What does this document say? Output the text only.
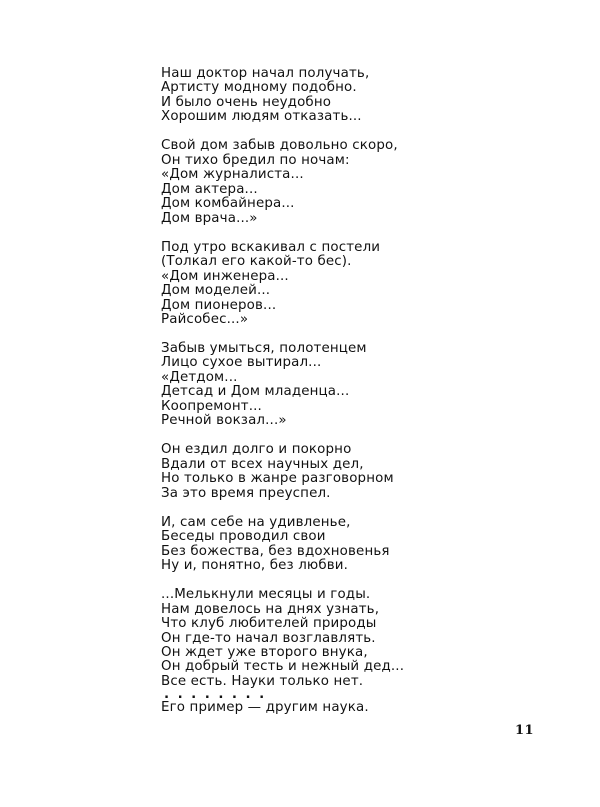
Наш доктор начал получать,
Артисту модному подобно.
И было очень неудобно
Хорошим людям отказать...
Свой дом забыв довольно скоро,
Он тихо бредил по ночам:
«Дом журналиста...
Дом актера...
Дом комбайнера...
Дом врача...»
Под утро вскакивал с постели
(Толкал его какой-то бес).
«Дом инженера...
Дом моделей...
Дом пионеров...
Райсобес...»
Забыв умыться, полотенцем
Лицо сухое вытирал...
«Детдом...
Детсад и Дом младенца...
Коопремонт...
Речной вокзал...»
Он ездил долго и покорно
Вдали от всех научных дел,
Но только в жанре разговорном
За это время преуспел.
И, сам себе на удивленье,
Беседы проводил свои
Без божества, без вдохновенья
Ну и, понятно, без любви.
...Мелькнули месяцы и годы.
Нам довелось на днях узнать,
Что клуб любителей природы
Он где-то начал возглавлять.
Он ждет уже второго внука,
Он добрый тесть и нежный дед...
Все есть. Науки только нет.
........
Его пример — другим наука.
11
